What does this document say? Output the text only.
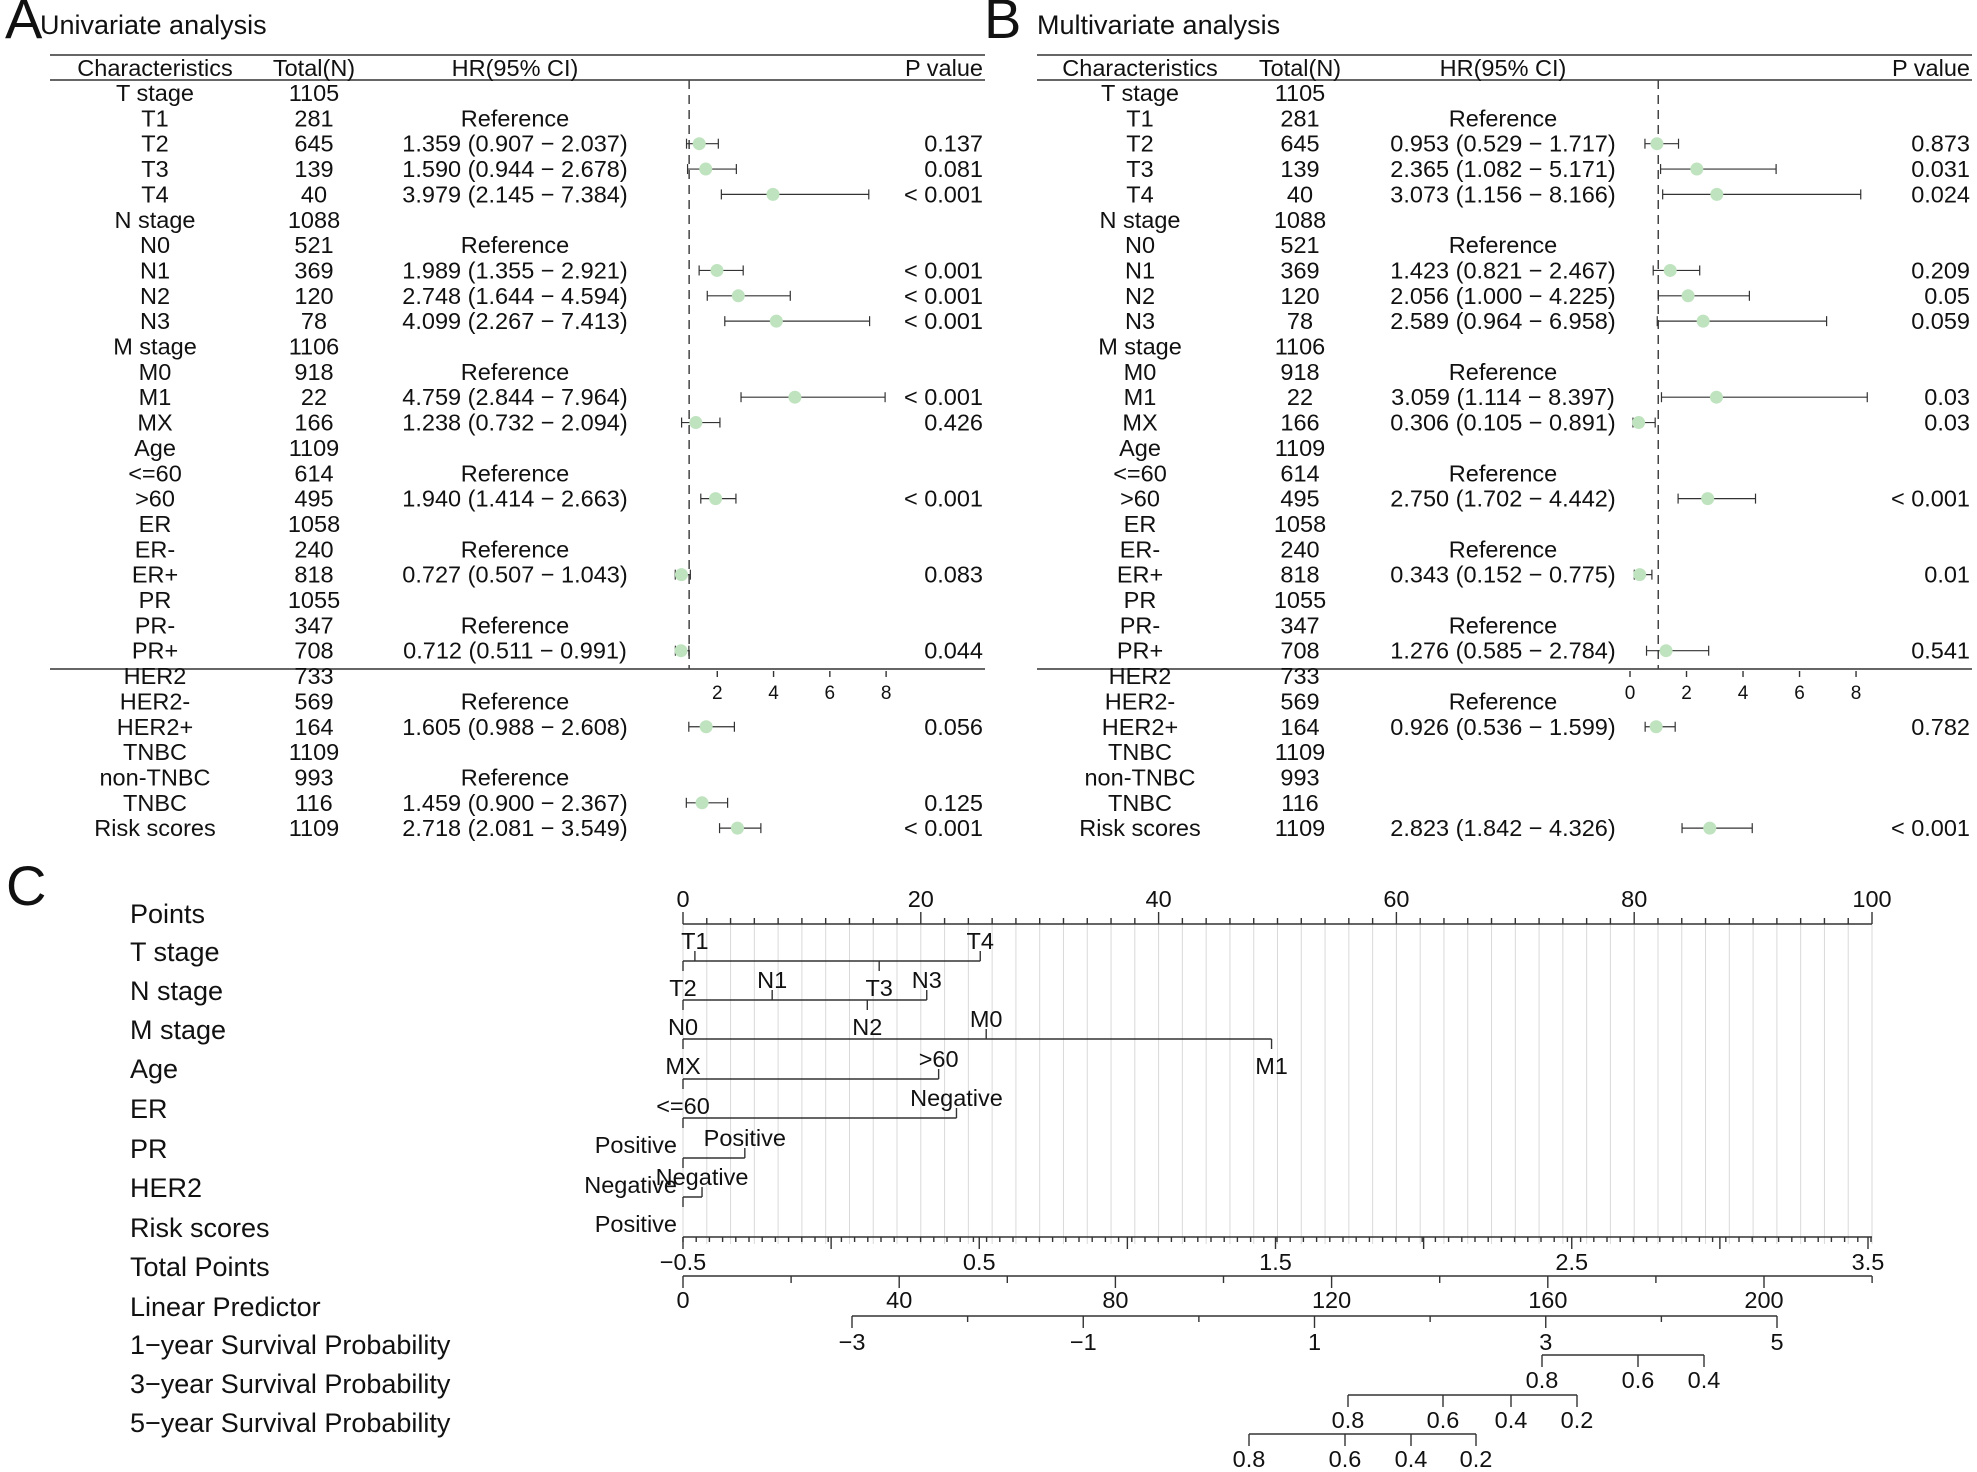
A
Univariate analysis
Characteristics Total(N)	HR(95% CI)	P value
T stage	1105
T1	281	Reference
T2	645	1.359 (0.907 − 2.037)	0.137
T3	139	1.590 (0.944 − 2.678)	0.081
T4	40	3.979 (2.145 − 7.384)	< 0.001
N stage	1088
N0	521	Reference
N1	369	1.989 (1.355 − 2.921)	< 0.001
N2	120	2.748 (1.644 − 4.594)	< 0.001
N3	78	4.099 (2.267 − 7.413)	< 0.001
M stage	1106
M0	918	Reference
M1	22	4.759 (2.844 − 7.964)	< 0.001
MX	166	1.238 (0.732 − 2.094)	0.426
Age	1109
<=60	614	Reference
>60	495	1.940 (1.414 − 2.663)	< 0.001
ER	1058
ER-	240	Reference
ER+	818	0.727 (0.507 − 1.043)	0.083
PR	1055
PR-	347	Reference
PR+	708	0.712 (0.511 − 0.991)	0.044
HER2	733
HER2-	569	Reference
HER2+	164	1.605 (0.988 − 2.608)	0.056
TNBC	1109
non-TNBC	993	Reference
TNBC	116	1.459 (0.900 − 2.367)	0.125
Risk scores	1109	2.718 (2.081 − 3.549)	< 0.001
2 4 6 8
B Multivariate analysis
Characteristics Total(N)	HR(95% CI)	P value
T stage	1105
T1	281	Reference
T2	645	0.953 (0.529 − 1.717)	0.873
T3	139	2.365 (1.082 − 5.171)	0.031
T4	40	3.073 (1.156 − 8.166)	0.024
N stage	1088
N0	521	Reference
N1	369	1.423 (0.821 − 2.467)	0.209
N2	120	2.056 (1.000 − 4.225)	0.05
N3	78	2.589 (0.964 − 6.958)	0.059
M stage	1106
M0	918	Reference
M1	22	3.059 (1.114 − 8.397)	0.03
MX	166	0.306 (0.105 − 0.891)	0.03
Age	1109
<=60	614	Reference
>60	495	2.750 (1.702 − 4.442)	< 0.001
ER	1058
ER-	240	Reference
ER+	818	0.343 (0.152 − 0.775)	0.01
PR	1055
PR-	347	Reference
PR+	708	1.276 (0.585 − 2.784)	0.541
HER2	733
HER2-	569	Reference
HER2+	164	0.926 (0.536 − 1.599)	0.782
TNBC	1109
non-TNBC	993
TNBC	116
Risk scores	1109	2.823 (1.842 − 4.326)	< 0.001
0 2 4 6 8
C	Points
T stage
N stage
M stage
Age
ER
PR
HER2
Risk scores
Total Points
Linear Predictor
1−year Survival Probability
3−year Survival Probability
5−year Survival Probability
0	20	40	60	80	100
T1	T4
T2	T3
N1	N3
N0	N2	M0
MX	M1
>60
<=60	Negative
Positive Positive
Negative
Negative
Positive
−0.5	0.5	1.5	2.5	3.5
0	40	80	120	160	200
−3	−1	1	3	5
0.8	0.6 0.4
0.8	0.6 0.4 0.2
0.8	0.6 0.4 0.2
